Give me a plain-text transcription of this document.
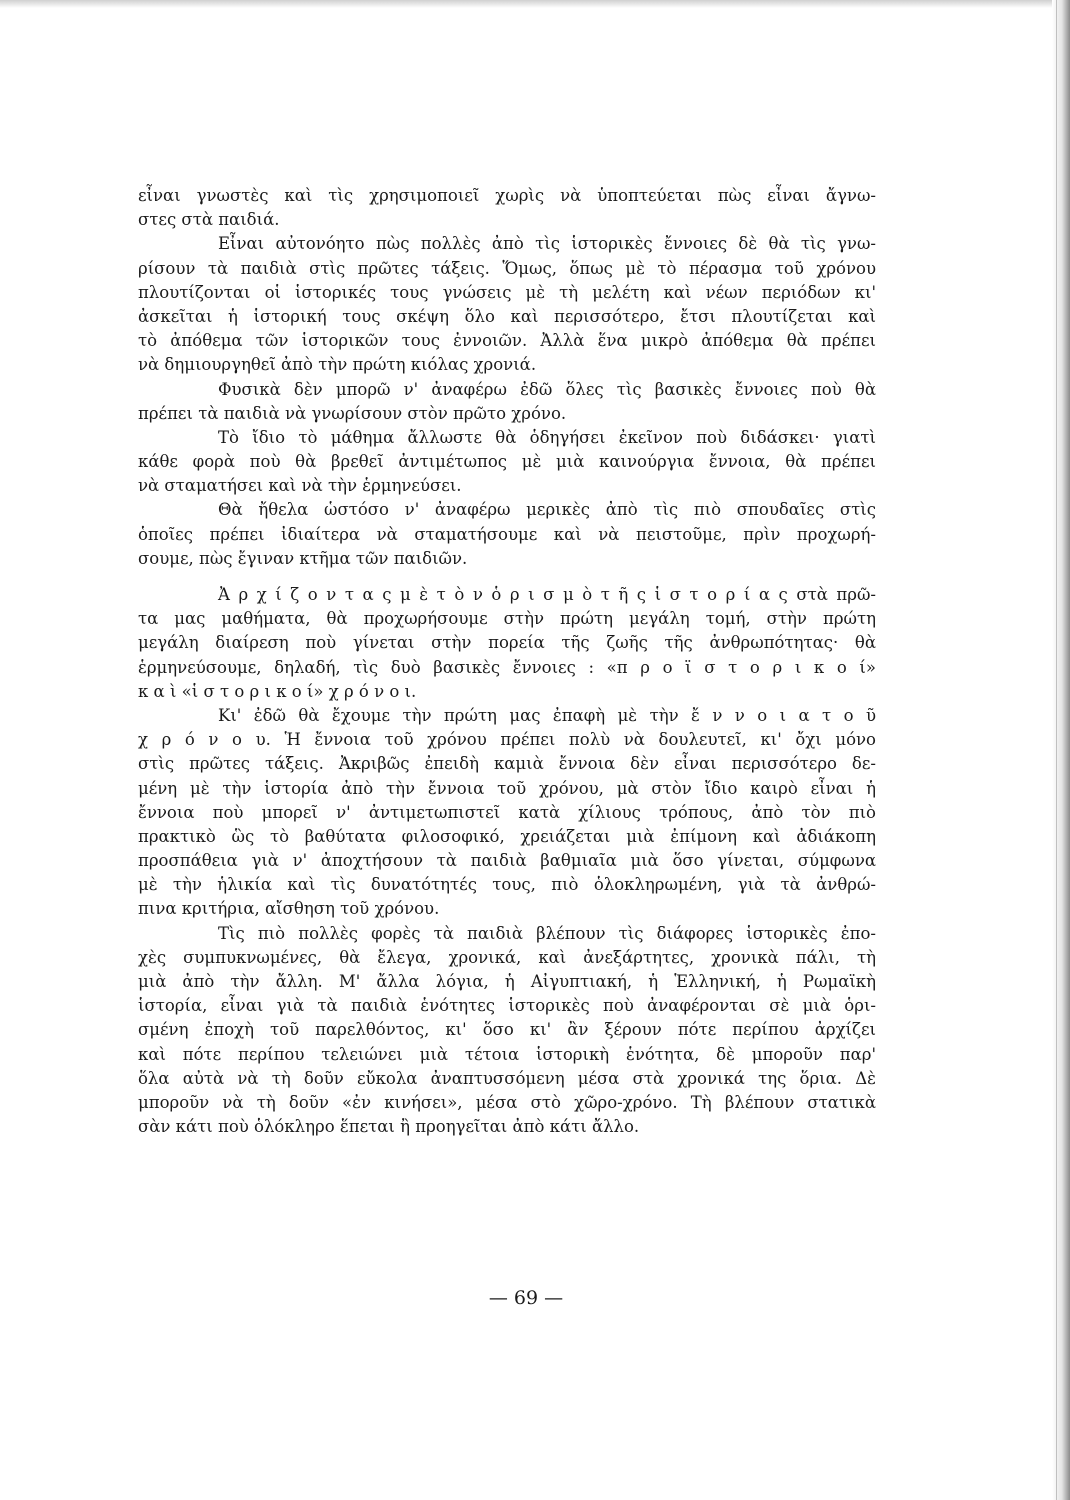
εἶναι γνωστὲς καὶ τὶς χρησιμοποιεῖ χωρὶς νὰ ὑποπτεύεται πὼς εἶναι ἄγνω-
στες στὰ παιδιά.
Εἶναι αὐτονόητο πὼς πολλὲς ἀπὸ τὶς ἱστορικὲς ἔννοιες δὲ θὰ τὶς γνω-
ρίσουν τὰ παιδιὰ στὶς πρῶτες τάξεις. Ὅμως, ὅπως μὲ τὸ πέρασμα τοῦ χρόνου
πλουτίζονται οἱ ἱστορικές τους γνώσεις μὲ τὴ μελέτη καὶ νέων περιόδων κι'
ἀσκεῖται ἡ ἱστορική τους σκέψη ὅλο καὶ περισσότερο, ἔτσι πλουτίζεται καὶ
τὸ ἀπόθεμα τῶν ἱστορικῶν τους ἐννοιῶν. Ἀλλὰ ἕνα μικρὸ ἀπόθεμα θὰ πρέπει
νὰ δημιουργηθεῖ ἀπὸ τὴν πρώτη κιόλας χρονιά.
Φυσικὰ δὲν μπορῶ ν' ἀναφέρω ἐδῶ ὅλες τὶς βασικὲς ἔννοιες ποὺ θὰ
πρέπει τὰ παιδιὰ νὰ γνωρίσουν στὸν πρῶτο χρόνο.
Τὸ ἴδιο τὸ μάθημα ἄλλωστε θὰ ὁδηγήσει ἐκεῖνον ποὺ διδάσκει· γιατὶ
κάθε φορὰ ποὺ θὰ βρεθεῖ ἀντιμέτωπος μὲ μιὰ καινούργια ἔννοια, θὰ πρέπει
νὰ σταματήσει καὶ νὰ τὴν ἑρμηνεύσει.
Θὰ ἤθελα ὡστόσο ν' ἀναφέρω μερικὲς ἀπὸ τὶς πιὸ σπουδαῖες στὶς
ὁποῖες πρέπει ἰδιαίτερα νὰ σταματήσουμε καὶ νὰ πειστοῦμε, πρὶν προχωρή-
σουμε, πὼς ἔγιναν κτῆμα τῶν παιδιῶν.
Ἀ ρ χ ί ζ ο ν τ α ς μ ὲ τ ὸ ν ὁ ρ ι σ μ ὸ τ ῆ ς ἱ σ τ ο ρ ί α ς στὰ πρῶ-
τα μας μαθήματα, θὰ προχωρήσουμε στὴν πρώτη μεγάλη τομή, στὴν πρώτη
μεγάλη διαίρεση ποὺ γίνεται στὴν πορεία τῆς ζωῆς τῆς ἀνθρωπότητας· θὰ
ἑρμηνεύσουμε, δηλαδή, τὶς δυὸ βασικὲς ἔννοιες : «π ρ ο ϊ σ τ ο ρ ι κ ο ί»
κ α ὶ «ἱ σ τ ο ρ ι κ ο ί» χ ρ ό ν ο ι.
Κι' ἐδῶ θὰ ἔχουμε τὴν πρώτη μας ἐπαφὴ μὲ τὴν ἔ ν ν ο ι α τ ο ῦ
χ ρ ό ν ο υ. Ἡ ἔννοια τοῦ χρόνου πρέπει πολὺ νὰ δουλευτεῖ, κι' ὄχι μόνο
στὶς πρῶτες τάξεις. Ἀκριβῶς ἐπειδὴ καμιὰ ἔννοια δὲν εἶναι περισσότερο δε-
μένη μὲ τὴν ἱστορία ἀπὸ τὴν ἔννοια τοῦ χρόνου, μὰ στὸν ἴδιο καιρὸ εἶναι ἡ
ἔννοια ποὺ μπορεῖ ν' ἀντιμετωπιστεῖ κατὰ χίλιους τρόπους, ἀπὸ τὸν πιὸ
πρακτικὸ ὣς τὸ βαθύτατα φιλοσοφικό, χρειάζεται μιὰ ἐπίμονη καὶ ἀδιάκοπη
προσπάθεια γιὰ ν' ἀποχτήσουν τὰ παιδιὰ βαθμιαῖα μιὰ ὅσο γίνεται, σύμφωνα
μὲ τὴν ἡλικία καὶ τὶς δυνατότητές τους, πιὸ ὁλοκληρωμένη, γιὰ τὰ ἀνθρώ-
πινα κριτήρια, αἴσθηση τοῦ χρόνου.
Τὶς πιὸ πολλὲς φορὲς τὰ παιδιὰ βλέπουν τὶς διάφορες ἱστορικὲς ἐπο-
χὲς συμπυκνωμένες, θὰ ἔλεγα, χρονικά, καὶ ἀνεξάρτητες, χρονικὰ πάλι, τὴ
μιὰ ἀπὸ τὴν ἄλλη. Μ' ἄλλα λόγια, ἡ Αἰγυπτιακή, ἡ Ἑλληνική, ἡ Ρωμαϊκὴ
ἱστορία, εἶναι γιὰ τὰ παιδιὰ ἑνότητες ἱστορικὲς ποὺ ἀναφέρονται σὲ μιὰ ὁρι-
σμένη ἐποχὴ τοῦ παρελθόντος, κι' ὅσο κι' ἂν ξέρουν πότε περίπου ἀρχίζει
καὶ πότε περίπου τελειώνει μιὰ τέτοια ἱστορικὴ ἑνότητα, δὲ μποροῦν παρ'
ὅλα αὐτὰ νὰ τὴ δοῦν εὔκολα ἀναπτυσσόμενη μέσα στὰ χρονικά της ὅρια. Δὲ
μποροῦν νὰ τὴ δοῦν «ἐν κινήσει», μέσα στὸ χῶρο-χρόνο. Τὴ βλέπουν στατικὰ
σὰν κάτι ποὺ ὁλόκληρο ἕπεται ἢ προηγεῖται ἀπὸ κάτι ἄλλο.
— 69 —
